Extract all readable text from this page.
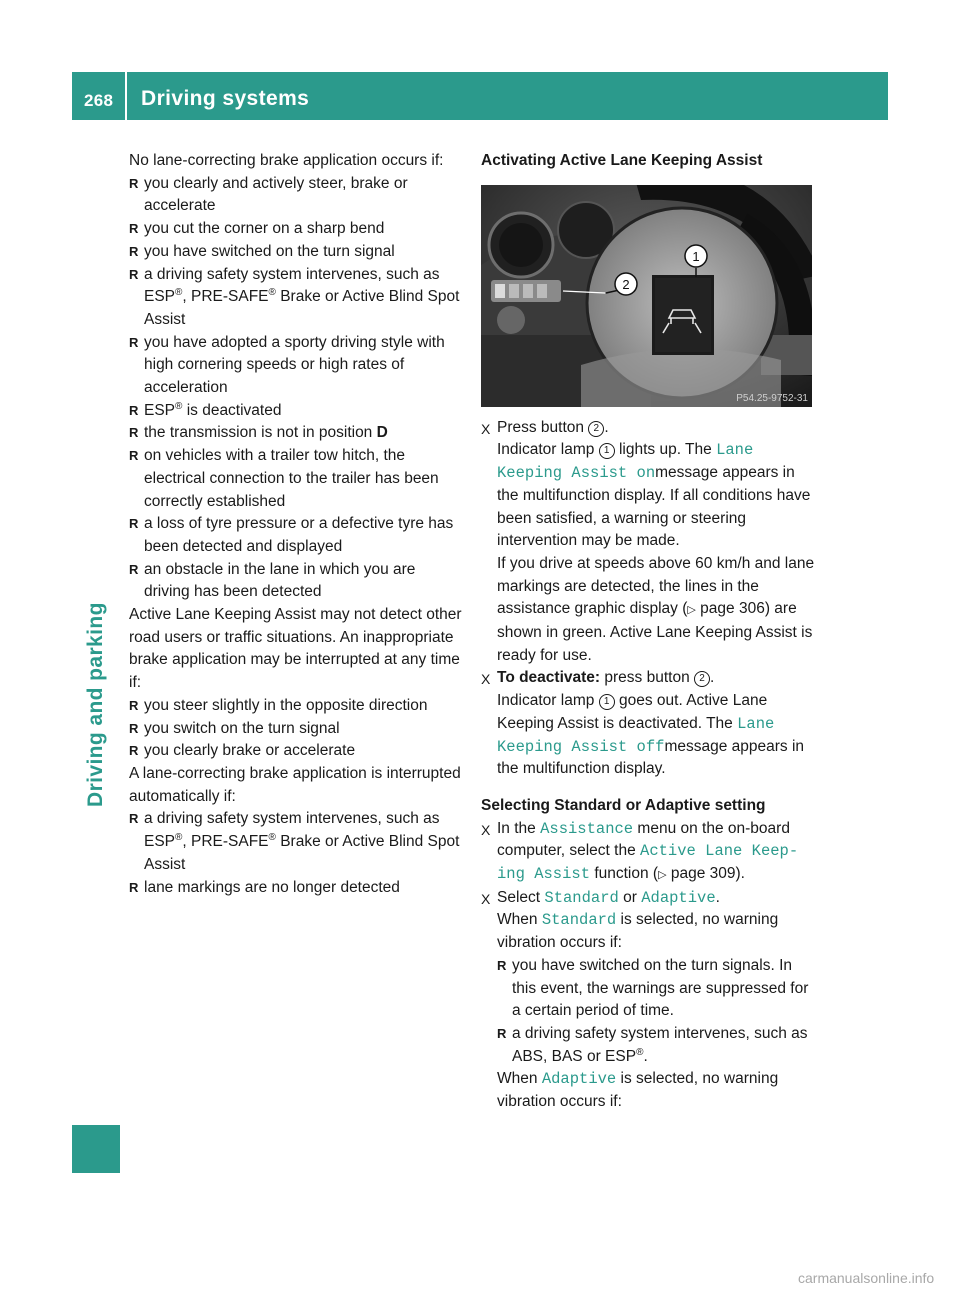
268 Driving systems
Driving and parking

No lane-correcting brake application occurs if:

R you clearly and actively steer, brake or accelerate

R you cut the corner on a sharp bend

R you have switched on the turn signal

R a driving safety system intervenes, such as ESP®, PRE-SAFE® Brake or Active Blind Spot Assist

R you have adopted a sporty driving style with high cornering speeds or high rates of acceleration

R ESP® is deactivated

R the transmission is not in position D

R on vehicles with a trailer tow hitch, the electrical connection to the trailer has been correctly established

R a loss of tyre pressure or a defective tyre has been detected and displayed

R an obstacle in the lane in which you are driving has been detected

Active Lane Keeping Assist may not detect other road users or traffic situations. An inappropriate brake application may be interrupted at any time if:

R you steer slightly in the opposite direction

R you switch on the turn signal

R you clearly brake or accelerate

A lane-correcting brake application is interrupted automatically if:

R a driving safety system intervenes, such as ESP®, PRE-SAFE® Brake or Active Blind Spot Assist

R lane markings are no longer detected

Activating Active Lane Keeping Assist

1
2
P54.25-9752-31
X Press button 2 .

Indicator lamp 1 lights up. The Lane Keeping Assist onmessage appears in the multifunction display. If all conditions have been satisfied, a warning or steering intervention may be made.

If you drive at speeds above 60 km/h and lane markings are detected, the lines in the assistance graphic display (▷ page 306) are shown in green. Active Lane Keeping Assist is ready for use.

X To deactivate: press button 2 .

Indicator lamp 1 goes out. Active Lane Keeping Assist is deactivated. The Lane Keeping Assist offmessage appears in the multifunction display.

Selecting Standard or Adaptive setting

X In the Assistance menu on the on-board computer, select the Active Lane Keep‐ing Assist function (▷ page 309).

X Select Standard or Adaptive.

When Standard is selected, no warning vibration occurs if:

R you have switched on the turn signals. In this event, the warnings are suppressed for a certain period of time.

R a driving safety system intervenes, such as ABS, BAS or ESP®.

When Adaptive is selected, no warning vibration occurs if:

carmanualsonline.info
